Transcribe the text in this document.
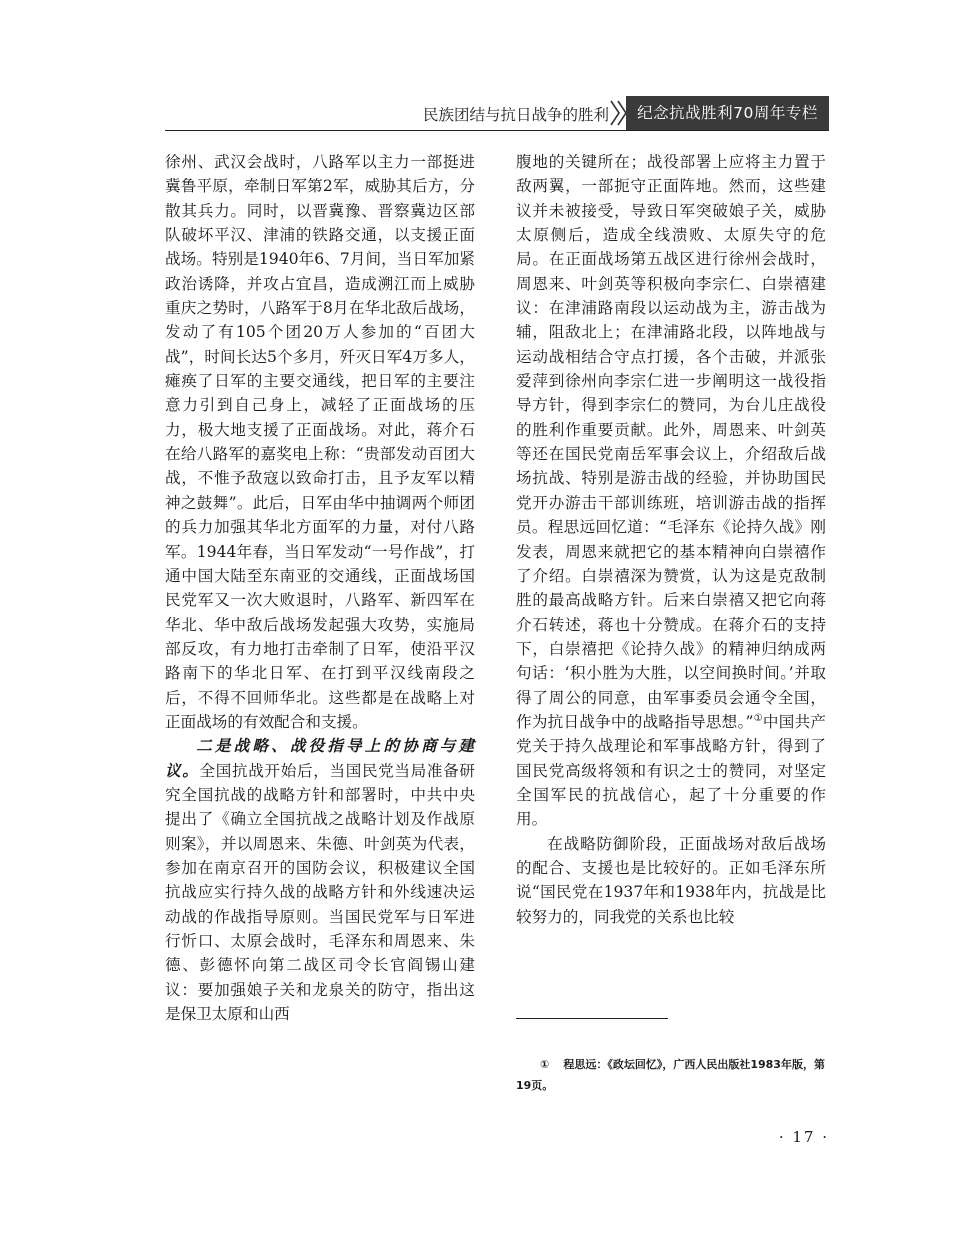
民族团结与抗日战争的胜利	纪念抗战胜利70周年专栏

徐州、武汉会战时，八路军以主力一部挺进冀鲁平原，牵制日军第2军，威胁其后方，分散其兵力。同时，以晋冀豫、晋察冀边区部队破坏平汉、津浦的铁路交通，以支援正面战场。特别是1940年6、7月间，当日军加紧政治诱降，并攻占宜昌，造成溯江而上威胁重庆之势时，八路军于8月在华北敌后战场，发动了有105个团20万人参加的“百团大战”，时间长达5个多月，歼灭日军4万多人，瘫痪了日军的主要交通线，把日军的主要注意力引到自己身上，减轻了正面战场的压力，极大地支援了正面战场。对此，蒋介石在给八路军的嘉奖电上称：“贵部发动百团大战，不惟予敌寇以致命打击，且予友军以精神之鼓舞”。此后，日军由华中抽调两个师团的兵力加强其华北方面军的力量，对付八路军。1944年春，当日军发动“一号作战”，打通中国大陆至东南亚的交通线，正面战场国民党军又一次大败退时，八路军、新四军在华北、华中敌后战场发起强大攻势，实施局部反攻，有力地打击牵制了日军，使沿平汉路南下的华北日军、在打到平汉线南段之后，不得不回师华北。这些都是在战略上对正面战场的有效配合和支援。

二是战略、战役指导上的协商与建议。全国抗战开始后，当国民党当局准备研究全国抗战的战略方针和部署时，中共中央提出了《确立全国抗战之战略计划及作战原则案》，并以周恩来、朱德、叶剑英为代表，参加在南京召开的国防会议，积极建议全国抗战应实行持久战的战略方针和外线速决运动战的作战指导原则。当国民党军与日军进行忻口、太原会战时，毛泽东和周恩来、朱德、彭德怀向第二战区司令长官阎锡山建议：要加强娘子关和龙泉关的防守，指出这是保卫太原和山西

腹地的关键所在；战役部署上应将主力置于敌两翼，一部扼守正面阵地。然而，这些建议并未被接受，导致日军突破娘子关，威胁太原侧后，造成全线溃败、太原失守的危局。在正面战场第五战区进行徐州会战时，周恩来、叶剑英等积极向李宗仁、白崇禧建议：在津浦路南段以运动战为主，游击战为辅，阻敌北上；在津浦路北段，以阵地战与运动战相结合守点打援，各个击破，并派张爱萍到徐州向李宗仁进一步阐明这一战役指导方针，得到李宗仁的赞同，为台儿庄战役的胜利作重要贡献。此外，周恩来、叶剑英等还在国民党南岳军事会议上，介绍敌后战场抗战、特别是游击战的经验，并协助国民党开办游击干部训练班，培训游击战的指挥员。程思远回忆道：“毛泽东《论持久战》刚发表，周恩来就把它的基本精神向白崇禧作了介绍。白崇禧深为赞赏，认为这是克敌制胜的最高战略方针。后来白崇禧又把它向蒋介石转述，蒋也十分赞成。在蒋介石的支持下，白崇禧把《论持久战》的精神归纳成两句话：‘积小胜为大胜，以空间换时间。’并取得了周公的同意，由军事委员会通令全国，作为抗日战争中的战略指导思想。”①中国共产党关于持久战理论和军事战略方针，得到了国民党高级将领和有识之士的赞同，对坚定全国军民的抗战信心，起了十分重要的作用。

在战略防御阶段，正面战场对敌后战场的配合、支援也是比较好的。正如毛泽东所说“国民党在1937年和1938年内，抗战是比较努力的，同我党的关系也比较

① 程思远：《政坛回忆》，广西人民出版社1983年版，第19页。
· 17 ·
